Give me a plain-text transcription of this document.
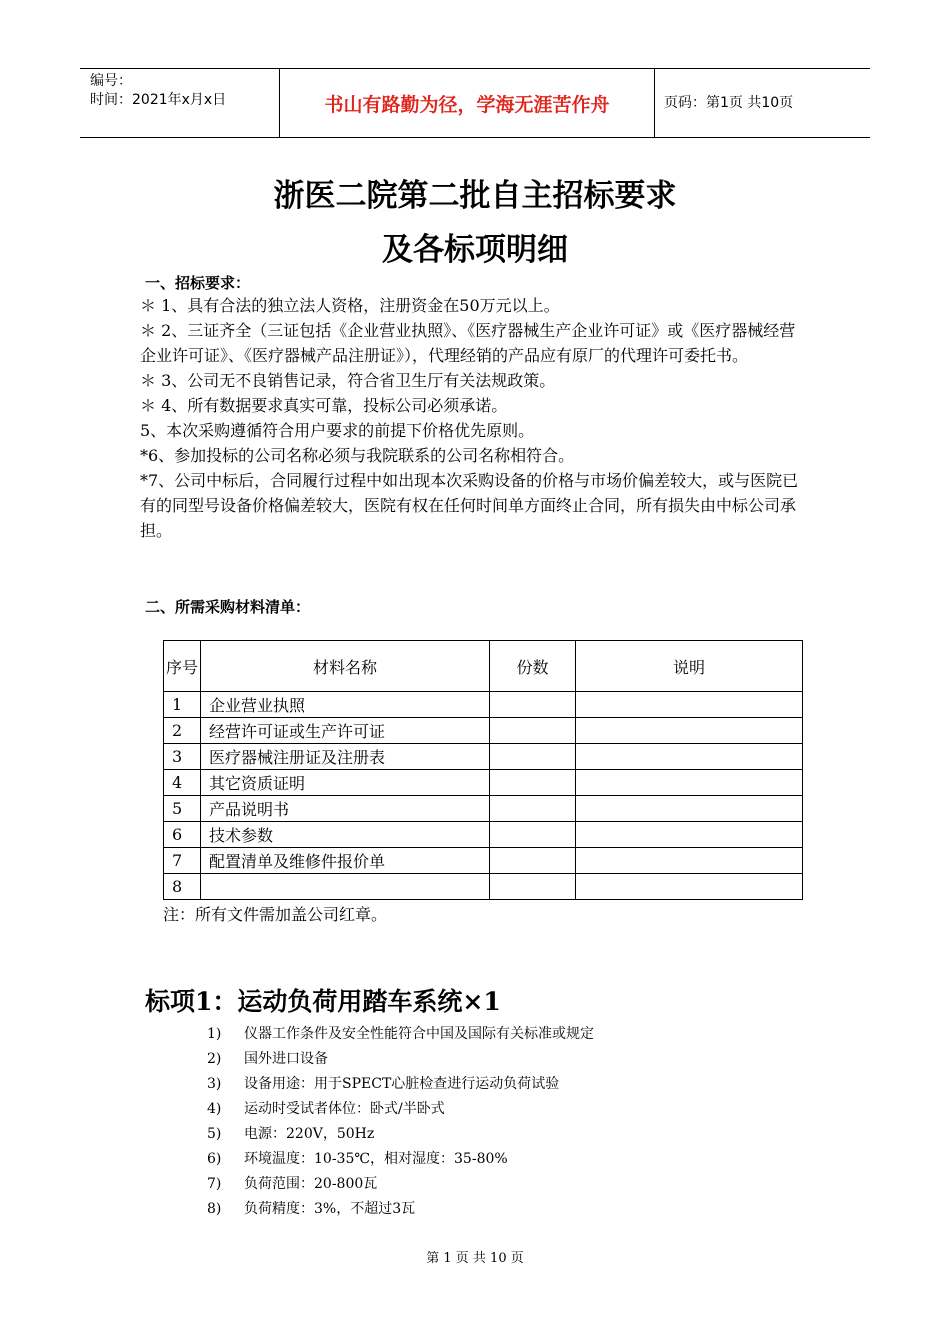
编号：
时间：2021年x月x日	书山有路勤为径，学海无涯苦作舟	页码：第1页 共10页
浙医二院第二批自主招标要求
及各标项明细
一、招标要求：

＊ 1、具有合法的独立法人资格，注册资金在50万元以上。

＊ 2、三证齐全（三证包括《企业营业执照》、《医疗器械生产企业许可证》或《医疗器械经营企业许可证》、《医疗器械产品注册证》），代理经销的产品应有原厂的代理许可委托书。

＊ 3、公司无不良销售记录，符合省卫生厅有关法规政策。

＊ 4、所有数据要求真实可靠，投标公司必须承诺。

5、本次采购遵循符合用户要求的前提下价格优先原则。

*6、参加投标的公司名称必须与我院联系的公司名称相符合。

*7、公司中标后，合同履行过程中如出现本次采购设备的价格与市场价偏差较大，或与医院已有的同型号设备价格偏差较大，医院有权在任何时间单方面终止合同，所有损失由中标公司承担。

二、所需采购材料清单：
序号	材料名称	份数	说明
1	企业营业执照		
2	经营许可证或生产许可证		
3	医疗器械注册证及注册表		
4	其它资质证明		
5	产品说明书		
6	技术参数		
7	配置清单及维修件报价单		
8			
注：所有文件需加盖公司红章。
标项1：运动负荷用踏车系统×1
1) 仪器工作条件及安全性能符合中国及国际有关标准或规定
2) 国外进口设备
3) 设备用途：用于SPECT心脏检查进行运动负荷试验
4) 运动时受试者体位：卧式/半卧式
5) 电源：220V，50Hz
6) 环境温度：10-35℃，相对湿度：35-80%
7) 负荷范围：20-800瓦
8) 负荷精度：3%，不超过3瓦
第 1 页 共 10 页
